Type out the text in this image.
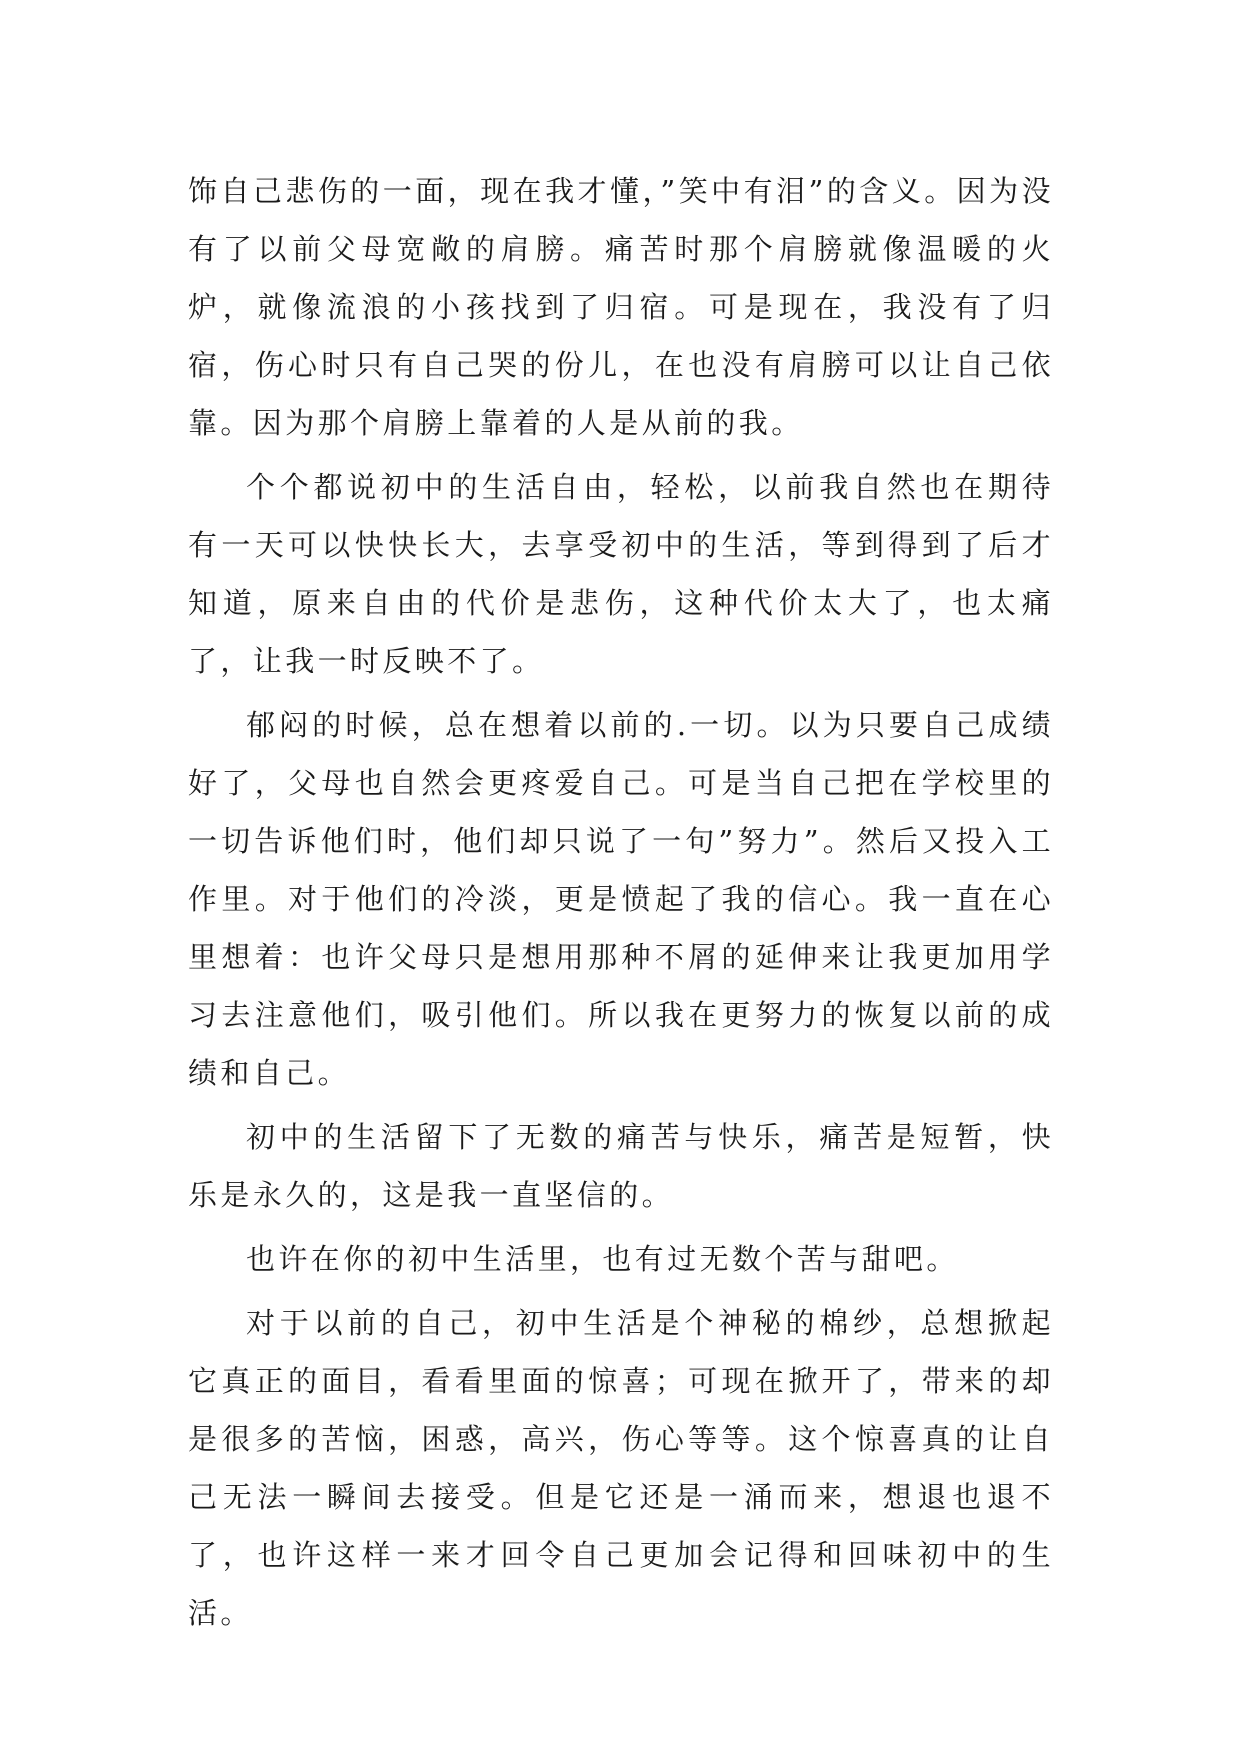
饰自己悲伤的一面，现在我才懂，”笑中有泪”的含义。因为没有了以前父母宽敞的肩膀。痛苦时那个肩膀就像温暖的火炉，就像流浪的小孩找到了归宿。可是现在，我没有了归宿，伤心时只有自己哭的份儿，在也没有肩膀可以让自己依靠。因为那个肩膀上靠着的人是从前的我。

个个都说初中的生活自由，轻松，以前我自然也在期待有一天可以快快长大，去享受初中的生活，等到得到了后才知道，原来自由的代价是悲伤，这种代价太大了，也太痛了，让我一时反映不了。

郁闷的时候，总在想着以前的.一切。以为只要自己成绩好了，父母也自然会更疼爱自己。可是当自己把在学校里的一切告诉他们时，他们却只说了一句”努力”。然后又投入工作里。对于他们的冷淡，更是愤起了我的信心。我一直在心里想着：也许父母只是想用那种不屑的延伸来让我更加用学习去注意他们，吸引他们。所以我在更努力的恢复以前的成绩和自己。

初中的生活留下了无数的痛苦与快乐，痛苦是短暂，快乐是永久的，这是我一直坚信的。

也许在你的初中生活里，也有过无数个苦与甜吧。

对于以前的自己，初中生活是个神秘的棉纱，总想掀起它真正的面目，看看里面的惊喜；可现在掀开了，带来的却是很多的苦恼，困惑，高兴，伤心等等。这个惊喜真的让自己无法一瞬间去接受。但是它还是一涌而来，想退也退不了，也许这样一来才回令自己更加会记得和回味初中的生活。
